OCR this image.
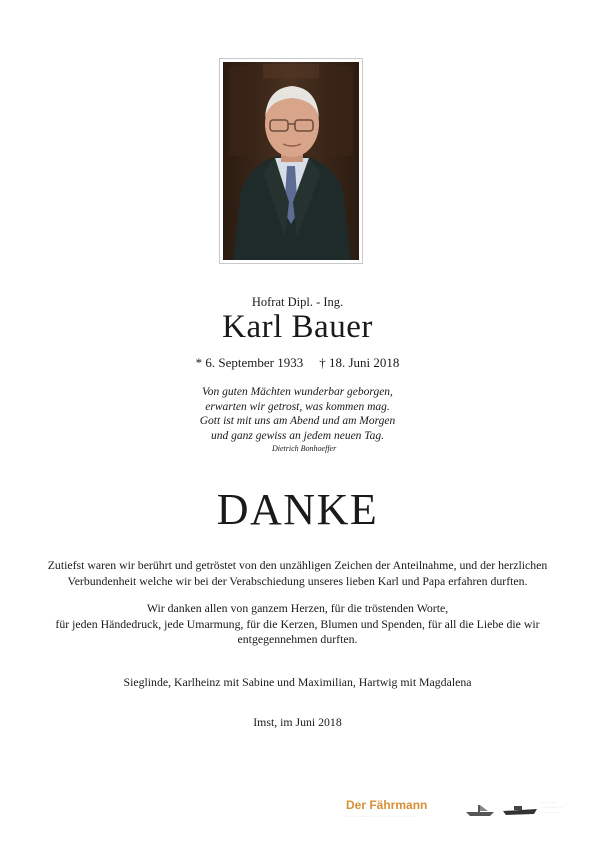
Hofrat Dipl. - Ing.
Karl Bauer
* 6. September 1933 † 18. Juni 2018
Von guten Mächten wunderbar geborgen,
erwarten wir getrost, was kommen mag.
Gott ist mit uns am Abend und am Morgen
und ganz gewiss an jedem neuen Tag.
Dietrich Bonhoeffer
DANKE
Zutiefst waren wir berührt und getröstet von den unzähligen Zeichen der Anteilnahme, und der herzlichen
Verbundenheit welche wir bei der Verabschiedung unseres lieben Karl und Papa erfahren durften.
Wir danken allen von ganzem Herzen, für die tröstenden Worte,
für jeden Händedruck, jede Umarmung, für die Kerzen, Blumen und Spenden, für all die Liebe die wir
entgegennehmen durften.
Sieglinde, Karlheinz mit Sabine und Maximilian, Hartwig mit Magdalena
Imst, im Juni 2018
Der Fährmann
. . . . . . . . . . . . . . . . . . . . . . . . . . . . . . . . . . . .
. . . . . . . .
. . . . . . . . . . .
. . . . . . . . .
